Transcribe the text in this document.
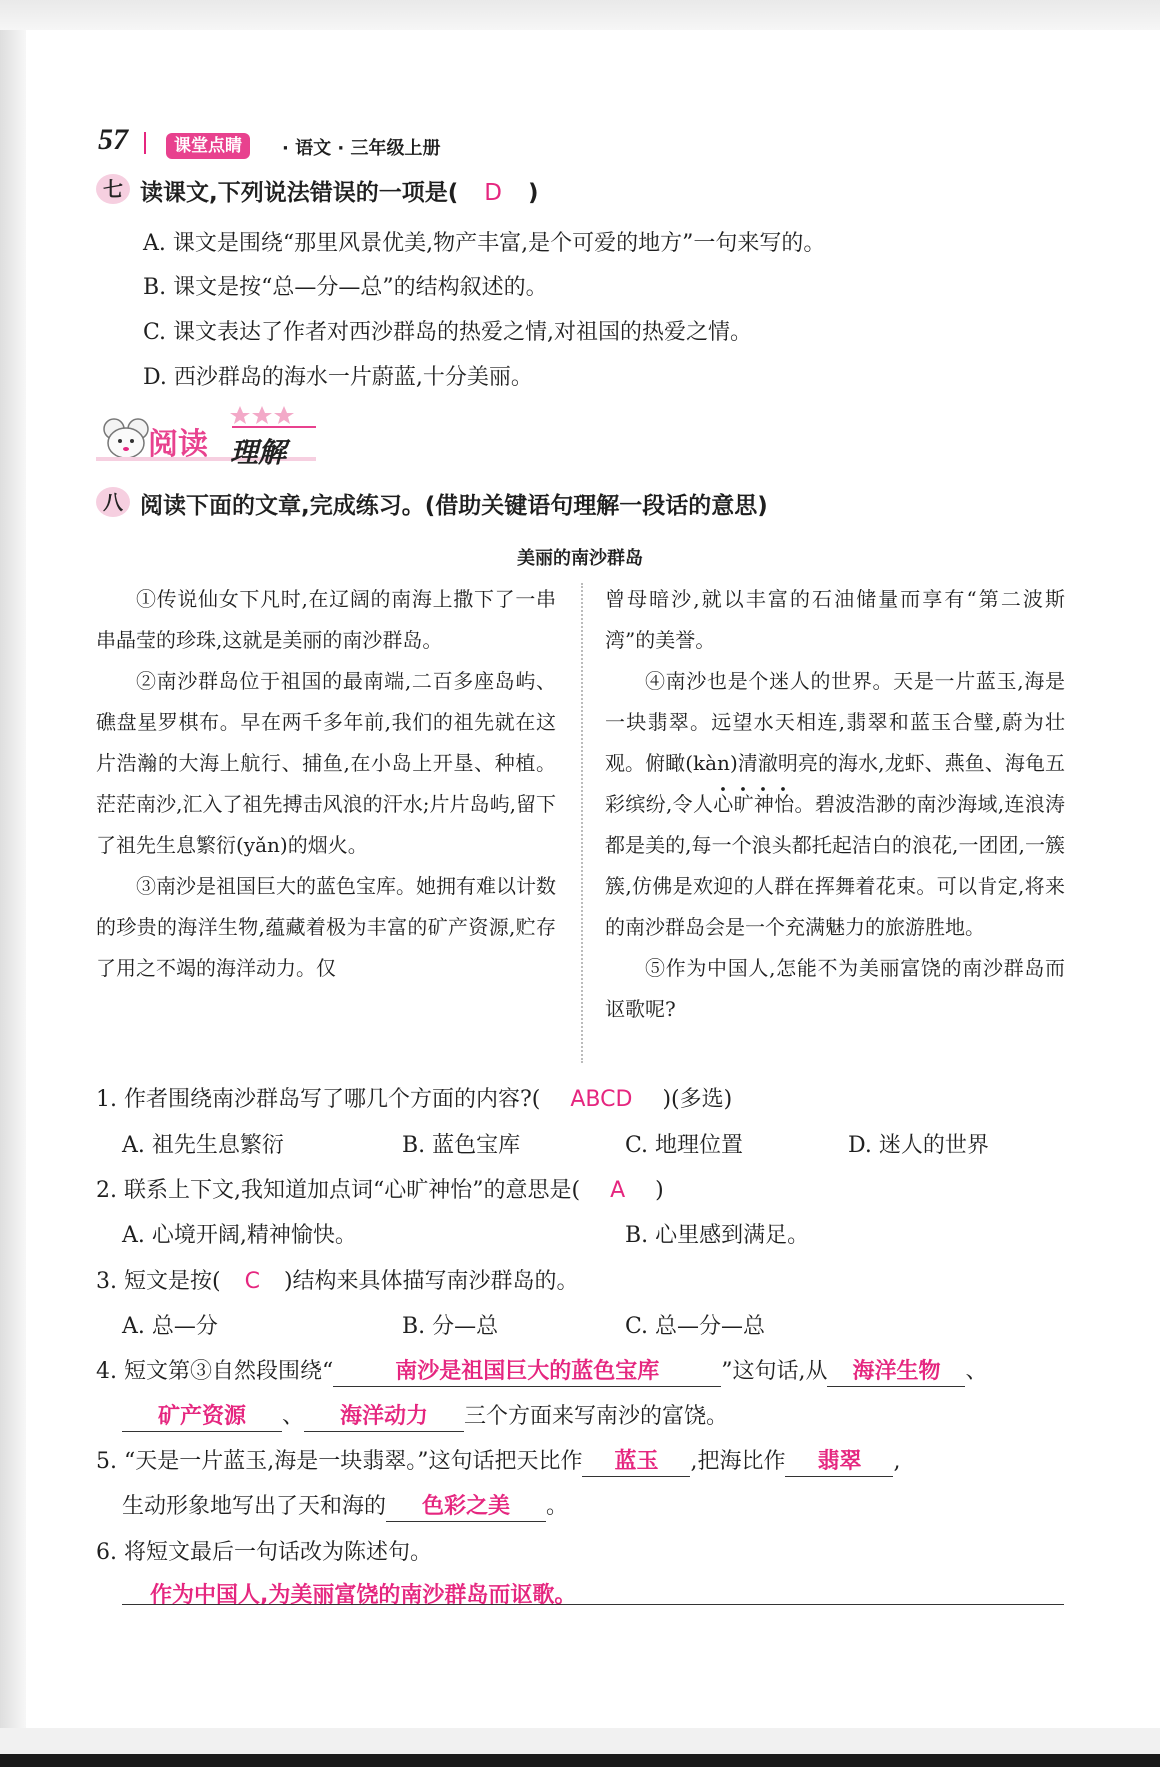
57	课堂点睛	· 语文 · 三年级上册
七 读课文,下列说法错误的一项是( D )
A. 课文是围绕“那里风景优美,物产丰富,是个可爱的地方”一句来写的。
B. 课文是按“总—分—总”的结构叙述的。
C. 课文表达了作者对西沙群岛的热爱之情,对祖国的热爱之情。
D. 西沙群岛的海水一片蔚蓝,十分美丽。
阅读 理解
八 阅读下面的文章,完成练习。(借助关键语句理解一段话的意思)
美丽的南沙群岛

①传说仙女下凡时,在辽阔的南海上撒下了一串串晶莹的珍珠,这就是美丽的南沙群岛。

②南沙群岛位于祖国的最南端,二百多座岛屿、礁盘星罗棋布。早在两千多年前,我们的祖先就在这片浩瀚的大海上航行、捕鱼,在小岛上开垦、种植。茫茫南沙,汇入了祖先搏击风浪的汗水;片片岛屿,留下了祖先生息繁衍(yǎn)的烟火。

③南沙是祖国巨大的蓝色宝库。她拥有难以计数的珍贵的海洋生物,蕴藏着极为丰富的矿产资源,贮存了用之不竭的海洋动力。仅

曾母暗沙,就以丰富的石油储量而享有“第二波斯湾”的美誉。

④南沙也是个迷人的世界。天是一片蓝玉,海是一块翡翠。远望水天相连,翡翠和蓝玉合璧,蔚为壮观。俯瞰(kàn)清澈明亮的海水,龙虾、燕鱼、海龟五彩缤纷,令人心旷神怡
。碧波浩渺的南沙海域,连浪涛都是美的,每一个浪头都托起洁白的浪花,一团团,一簇簇,仿佛是欢迎的人群在挥舞着花束。可以肯定,将来的南沙群岛会是一个充满魅力的旅游胜地。

⑤作为中国人,怎能不为美丽富饶的南沙群岛而讴歌呢?

1. 作者围绕南沙群岛写了哪几个方面的内容?( ABCD )(多选)
A. 祖先生息繁衍	B. 蓝色宝库	C. 地理位置	D. 迷人的世界
2. 联系上下文,我知道加点词“心旷神怡”的意思是( A )
A. 心境开阔,精神愉快。	B. 心里感到满足。
3. 短文是按( C )结构来具体描写南沙群岛的。
A. 总—分	B. 分—总	C. 总—分—总
4. 短文第③自然段围绕“	南沙是祖国巨大的蓝色宝库	”这句话,从 海洋生物 、
矿产资源 、 海洋动力 三个方面来写南沙的富饶。
5. “天是一片蓝玉,海是一块翡翠。”这句话把天比作 蓝玉 ,把海比作 翡翠 ,
生动形象地写出了天和海的 色彩之美 。
6. 将短文最后一句话改为陈述句。
作为中国人,为美丽富饶的南沙群岛而讴歌。
